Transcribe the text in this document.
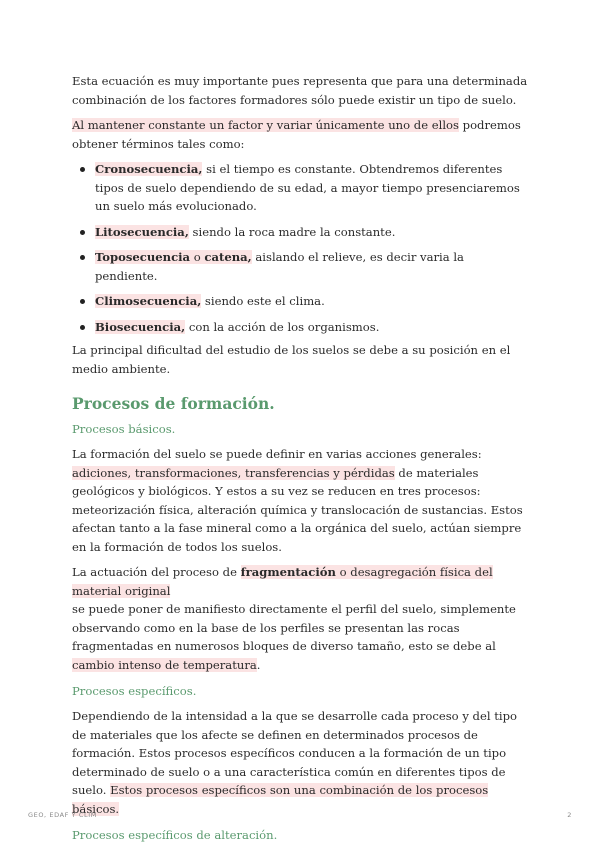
Esta ecuación es muy importante pues representa que para una determinada combinación de los factores formadores sólo puede existir un tipo de suelo.

Al mantener constante un factor y variar únicamente uno de ellos podremos obtener términos tales como:

Cronosecuencia, si el tiempo es constante. Obtendremos diferentes tipos de suelo dependiendo de su edad, a mayor tiempo presenciaremos un suelo más evolucionado.
Litosecuencia, siendo la roca madre la constante.
Toposecuencia o catena, aislando el relieve, es decir varia la pendiente.
Climosecuencia, siendo este el clima.
Biosecuencia, con la acción de los organismos.

La principal dificultad del estudio de los suelos se debe a su posición en el medio ambiente.

Procesos de formación.
Procesos básicos.

La formación del suelo se puede definir en varias acciones generales: adiciones, transformaciones, transferencias y pérdidas de materiales geológicos y biológicos. Y estos a su vez se reducen en tres procesos: meteorización física, alteración química y translocación de sustancias. Estos afectan tanto a la fase mineral como a la orgánica del suelo, actúan siempre en la formación de todos los suelos.

La actuación del proceso de fragmentación o desagregación física del material original
se puede poner de manifiesto directamente el perfil del suelo, simplemente observando como en la base de los perfiles se presentan las rocas fragmentadas en numerosos bloques de diverso tamaño, esto se debe al cambio intenso de temperatura.

Procesos específicos.

Dependiendo de la intensidad a la que se desarrolle cada proceso y del tipo de materiales que los afecte se definen en determinados procesos de formación. Estos procesos específicos conducen a la formación de un tipo determinado de suelo o a una característica común en diferentes tipos de suelo. Estos procesos específicos son una combinación de los procesos básicos.

Procesos específicos de alteración.
GEO, EDAF Y CLIM	2
